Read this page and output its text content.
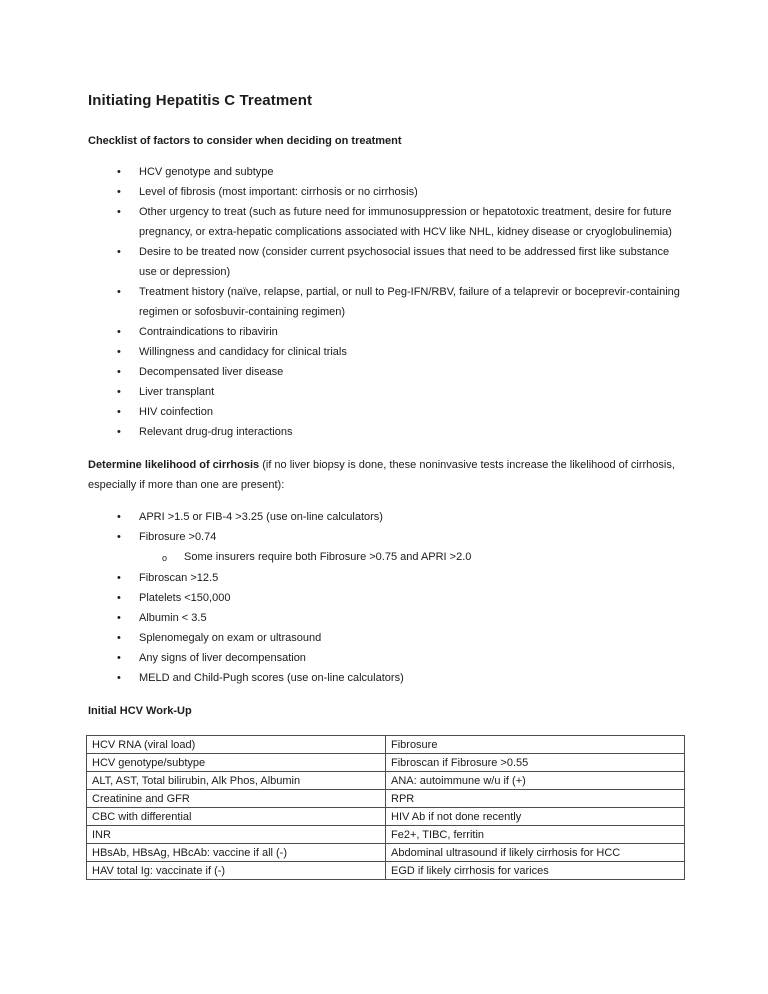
Initiating Hepatitis C Treatment

Checklist of factors to consider when deciding on treatment

•	HCV genotype and subtype
•	Level of fibrosis (most important: cirrhosis or no cirrhosis)
•	Other urgency to treat (such as future need for immunosuppression or hepatotoxic treatment, desire for future pregnancy, or extra-hepatic complications associated with HCV like NHL, kidney disease or cryoglobulinemia)
•	Desire to be treated now (consider current psychosocial issues that need to be addressed first like substance use or depression)
•	Treatment history (naïve, relapse, partial, or null to Peg-IFN/RBV, failure of a telaprevir or boceprevir-containing regimen or sofosbuvir-containing regimen)
•	Contraindications to ribavirin
•	Willingness and candidacy for clinical trials
•	Decompensated liver disease
•	Liver transplant
•	HIV coinfection
•	Relevant drug-drug interactions

Determine likelihood of cirrhosis (if no liver biopsy is done, these noninvasive tests increase the likelihood of cirrhosis, especially if more than one are present):

•	APRI >1.5 or FIB-4 >3.25 (use on-line calculators)
•	Fibrosure >0.74
o	Some insurers require both Fibrosure >0.75 and APRI >2.0
•	Fibroscan >12.5
•	Platelets <150,000
•	Albumin < 3.5
•	Splenomegaly on exam or ultrasound
•	Any signs of liver decompensation
•	MELD and Child-Pugh scores (use on-line calculators)

Initial HCV Work-Up

HCV RNA (viral load)	Fibrosure
HCV genotype/subtype	Fibroscan if Fibrosure >0.55
ALT, AST, Total bilirubin, Alk Phos, Albumin	ANA: autoimmune w/u if (+)
Creatinine and GFR	RPR
CBC with differential	HIV Ab if not done recently
INR	Fe2+, TIBC, ferritin
HBsAb, HBsAg, HBcAb: vaccine if all (-)	Abdominal ultrasound if likely cirrhosis for HCC
HAV total Ig: vaccinate if (-)	EGD if likely cirrhosis for varices
